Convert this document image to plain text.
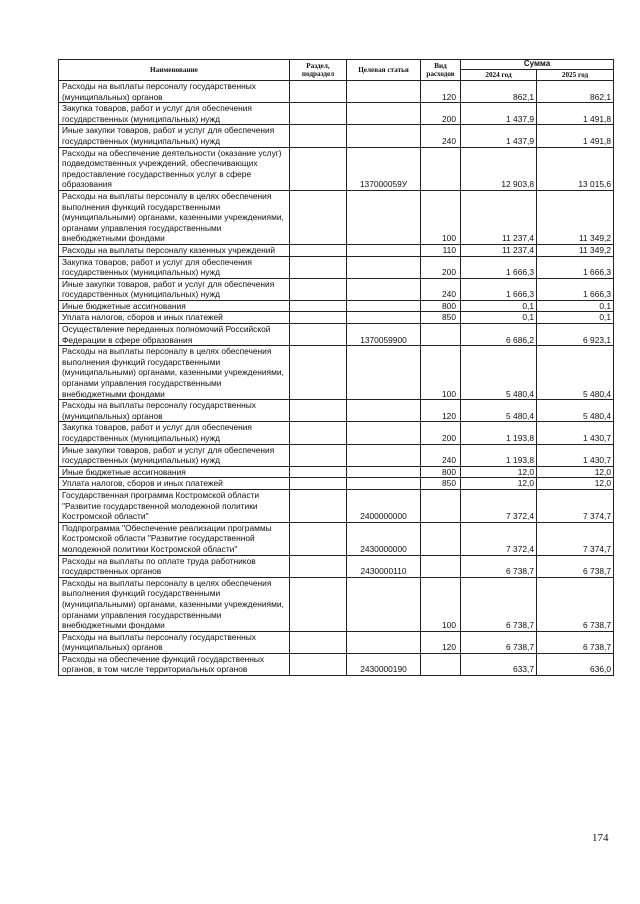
Наименование	Раздел, подраздел	Целевая статья	Вид расходов	Сумма	
				2024 год	2025 год
Расходы на выплаты персоналу государственных (муниципальных) органов			120	862,1	862,1
Закупка товаров, работ и услуг для обеспечения государственных (муниципальных) нужд			200	1 437,9	1 491,8
Иные закупки товаров, работ и услуг для обеспечения государственных (муниципальных) нужд			240	1 437,9	1 491,8
Расходы на обеспечение деятельности (оказание услуг) подведомственных учреждений, обеспечивающих предоставление государственных услуг в сфере образования		137000059У		12 903,8	13 015,6
Расходы на выплаты персоналу в целях обеспечения выполнения функций государственными (муниципальными) органами, казенными учреждениями, органами управления государственными внебюджетными фондами			100	11 237,4	11 349,2
Расходы на выплаты персоналу казенных учреждений			110	11 237,4	11 349,2
Закупка товаров, работ и услуг для обеспечения государственных (муниципальных) нужд			200	1 666,3	1 666,3
Иные закупки товаров, работ и услуг для обеспечения государственных (муниципальных) нужд			240	1 666,3	1 666,3
Иные бюджетные ассигнования			800	0,1	0,1
Уплата налогов, сборов и иных платежей			850	0,1	0,1
Осуществление переданных полномочий Российской Федерации в сфере образования		1370059900		6 686,2	6 923,1
Расходы на выплаты персоналу в целях обеспечения выполнения функций государственными (муниципальными) органами, казенными учреждениями, органами управления государственными внебюджетными фондами			100	5 480,4	5 480,4
Расходы на выплаты персоналу государственных (муниципальных) органов			120	5 480,4	5 480,4
Закупка товаров, работ и услуг для обеспечения государственных (муниципальных) нужд			200	1 193,8	1 430,7
Иные закупки товаров, работ и услуг для обеспечения государственных (муниципальных) нужд			240	1 193,8	1 430,7
Иные бюджетные ассигнования			800	12,0	12,0
Уплата налогов, сборов и иных платежей			850	12,0	12,0
Государственная программа Костромской области "Развитие государственной молодежной политики Костромской области"		2400000000		7 372,4	7 374,7
Подпрограмма "Обеспечение реализации программы Костромской области "Развитие государственной молодежной политики Костромской области"		2430000000		7 372,4	7 374,7
Расходы на выплаты по оплате труда работников государственных органов		2430000110		6 738,7	6 738,7
Расходы на выплаты персоналу в целях обеспечения выполнения функций государственными (муниципальными) органами, казенными учреждениями, органами управления государственными внебюджетными фондами			100	6 738,7	6 738,7
Расходы на выплаты персоналу государственных (муниципальных) органов			120	6 738,7	6 738,7
Расходы на обеспечение функций государственных органов, в том числе территориальных органов		2430000190		633,7	636,0
174
